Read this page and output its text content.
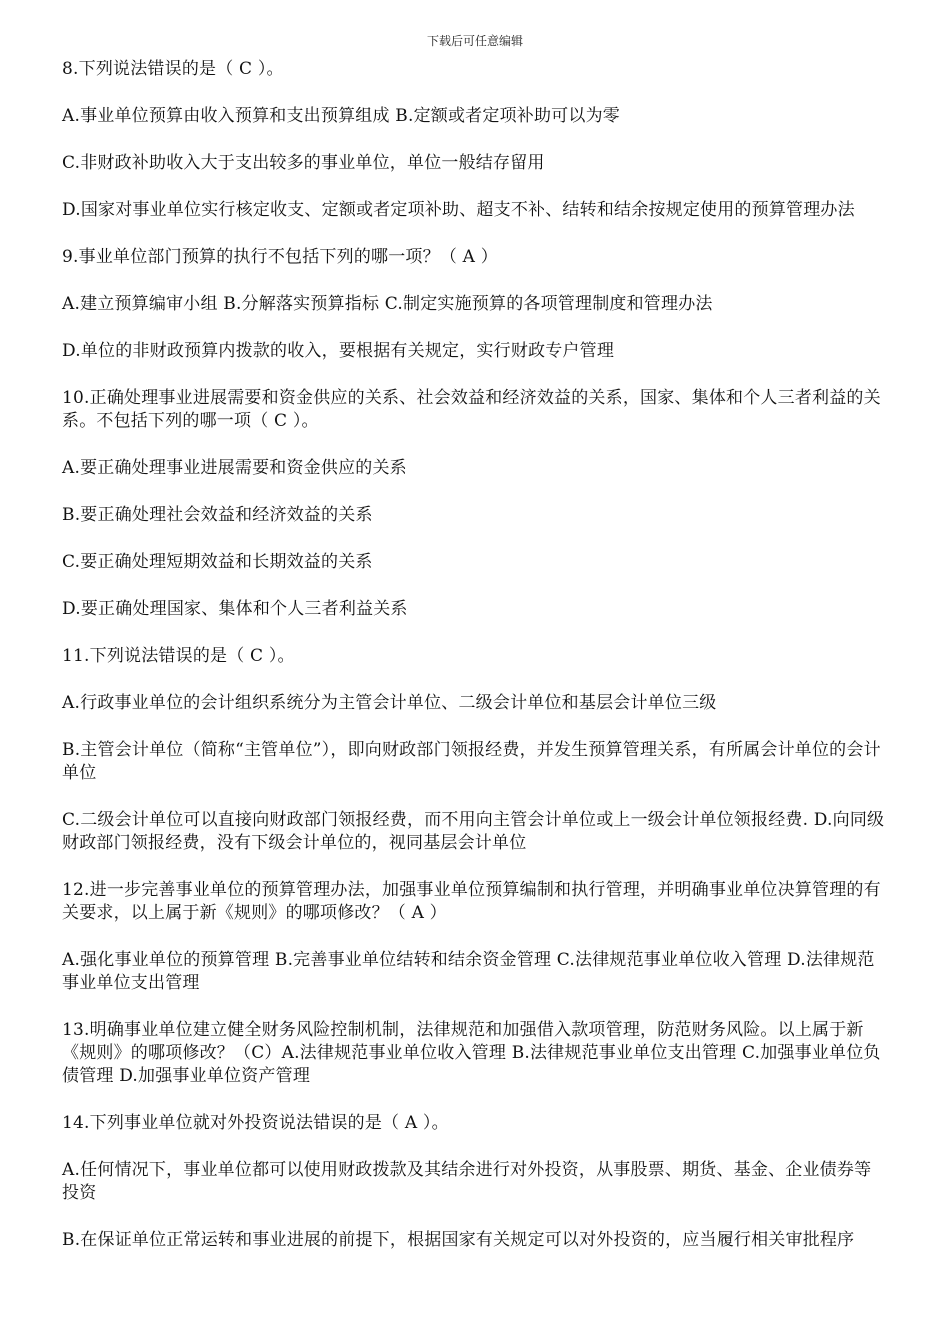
下载后可任意编辑

8.下列说法错误的是（ C ）。

A.事业单位预算由收入预算和支出预算组成 B.定额或者定项补助可以为零

C.非财政补助收入大于支出较多的事业单位，单位一般结存留用

D.国家对事业单位实行核定收支、定额或者定项补助、超支不补、结转和结余按规定使用的预算管理办法

9.事业单位部门预算的执行不包括下列的哪一项？（ A ）

A.建立预算编审小组 B.分解落实预算指标 C.制定实施预算的各项管理制度和管理办法

D.单位的非财政预算内拨款的收入，要根据有关规定，实行财政专户管理

10.正确处理事业进展需要和资金供应的关系、社会效益和经济效益的关系，国家、集体和个人三者利益的关系。不包括下列的哪一项（ C ）。

A.要正确处理事业进展需要和资金供应的关系

B.要正确处理社会效益和经济效益的关系

C.要正确处理短期效益和长期效益的关系

D.要正确处理国家、集体和个人三者利益关系

11.下列说法错误的是（ C ）。

A.行政事业单位的会计组织系统分为主管会计单位、二级会计单位和基层会计单位三级

B.主管会计单位（简称“主管单位”），即向财政部门领报经费，并发生预算管理关系，有所属会计单位的会计单位

C.二级会计单位可以直接向财政部门领报经费，而不用向主管会计单位或上一级会计单位领报经费. D.向同级财政部门领报经费，没有下级会计单位的，视同基层会计单位

12.进一步完善事业单位的预算管理办法，加强事业单位预算编制和执行管理，并明确事业单位决算管理的有关要求，以上属于新《规则》的哪项修改？（ A ）

A.强化事业单位的预算管理 B.完善事业单位结转和结余资金管理 C.法律规范事业单位收入管理 D.法律规范事业单位支出管理

13.明确事业单位建立健全财务风险控制机制，法律规范和加强借入款项管理，防范财务风险。以上属于新《规则》的哪项修改？（C）A.法律规范事业单位收入管理 B.法律规范事业单位支出管理 C.加强事业单位负债管理 D.加强事业单位资产管理

14.下列事业单位就对外投资说法错误的是（ A ）。

A.任何情况下，事业单位都可以使用财政拨款及其结余进行对外投资，从事股票、期货、基金、企业债券等投资

B.在保证单位正常运转和事业进展的前提下，根据国家有关规定可以对外投资的，应当履行相关审批程序
